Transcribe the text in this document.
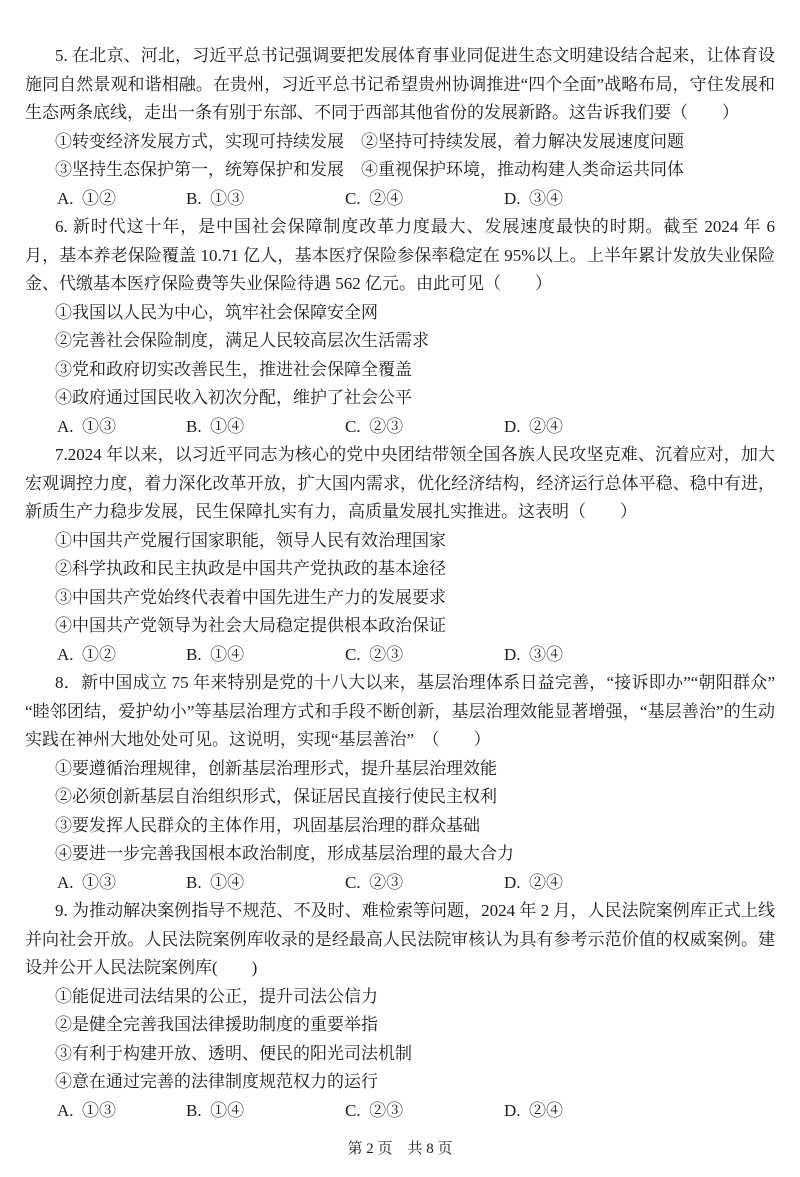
5. 在北京、河北，习近平总书记强调要把发展体育事业同促进生态文明建设结合起来，让体育设施同自然景观和谐相融。在贵州，习近平总书记希望贵州协调推进“四个全面”战略布局，守住发展和生态两条底线，走出一条有别于东部、不同于西部其他省份的发展新路。这告诉我们要（　　）

①转变经济发展方式，实现可持续发展　②坚持可持续发展，着力解决发展速度问题

③坚持生态保护第一，统筹保护和发展　④重视保护环境，推动构建人类命运共同体

A. ①②	B. ①③	C. ②④	D. ③④

6. 新时代这十年，是中国社会保障制度改革力度最大、发展速度最快的时期。截至 2024 年 6 月，基本养老保险覆盖 10.71 亿人，基本医疗保险参保率稳定在 95%以上。上半年累计发放失业保险金、代缴基本医疗保险费等失业保险待遇 562 亿元。由此可见（　　）

①我国以人民为中心，筑牢社会保障安全网

②完善社会保险制度，满足人民较高层次生活需求

③党和政府切实改善民生，推进社会保障全覆盖

④政府通过国民收入初次分配，维护了社会公平

A. ①③	B. ①④	C. ②③	D. ②④

7.2024 年以来，以习近平同志为核心的党中央团结带领全国各族人民攻坚克难、沉着应对，加大宏观调控力度，着力深化改革开放，扩大国内需求，优化经济结构，经济运行总体平稳、稳中有进，新质生产力稳步发展，民生保障扎实有力，高质量发展扎实推进。这表明（　　）

①中国共产党履行国家职能，领导人民有效治理国家

②科学执政和民主执政是中国共产党执政的基本途径

③中国共产党始终代表着中国先进生产力的发展要求

④中国共产党领导为社会大局稳定提供根本政治保证

A. ①②	B. ①④	C. ②③	D. ③④

8．新中国成立 75 年来特别是党的十八大以来，基层治理体系日益完善，“接诉即办”“朝阳群众”“睦邻团结，爱护幼小”等基层治理方式和手段不断创新，基层治理效能显著增强，“基层善治”的生动实践在神州大地处处可见。这说明，实现“基层善治”　（　　）

①要遵循治理规律，创新基层治理形式，提升基层治理效能

②必须创新基层自治组织形式，保证居民直接行使民主权利

③要发挥人民群众的主体作用，巩固基层治理的群众基础

④要进一步完善我国根本政治制度，形成基层治理的最大合力

A. ①③	B. ①④	C. ②③	D. ②④

9. 为推动解决案例指导不规范、不及时、难检索等问题，2024 年 2 月，人民法院案例库正式上线并向社会开放。人民法院案例库收录的是经最高人民法院审核认为具有参考示范价值的权威案例。建设并公开人民法院案例库(　　)

①能促进司法结果的公正，提升司法公信力

②是健全完善我国法律援助制度的重要举指

③有利于构建开放、透明、便民的阳光司法机制

④意在通过完善的法律制度规范权力的运行

A. ①③	B. ①④	C. ②③	D. ②④
第 2 页　共 8 页
